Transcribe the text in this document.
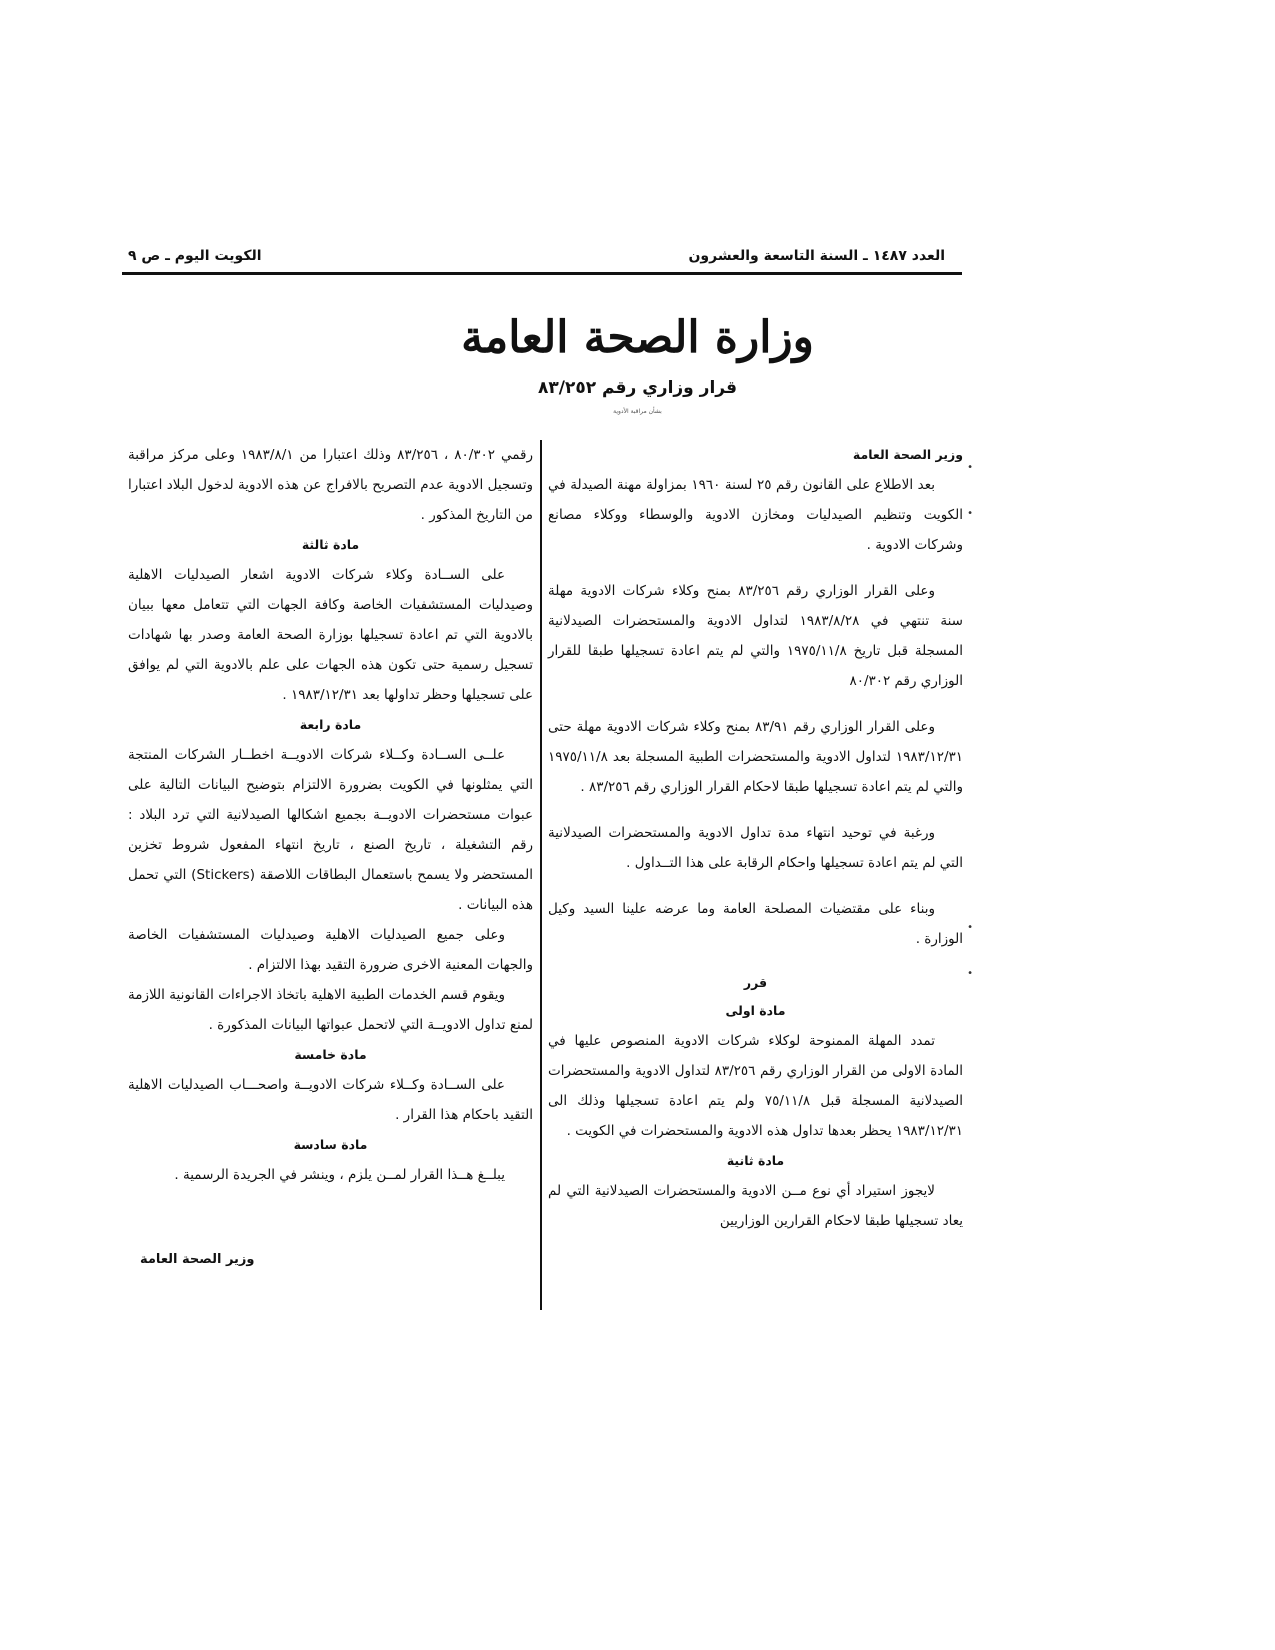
العدد ١٤٨٧ ـ السنة التاسعة والعشرون
الكويت اليوم ـ ص ٩
وزارة الصحة العامة
قرار وزاري رقم ٨٣/٢٥٢
بشأن مراقبة الأدوية
وزير الصحة العامة

بعد الاطلاع على القانون رقم ٢٥ لسنة ١٩٦٠ بمزاولة مهنة الصيدلة في الكويت وتنظيم الصيدليات ومخازن الادوية والوسطاء ووكلاء مصانع وشركات الادوية .

وعلى القرار الوزاري رقم ٨٣/٢٥٦ بمنح وكلاء شركات الادوية مهلة سنة تنتهي في ١٩٨٣/٨/٢٨ لتداول الادوية والمستحضرات الصيدلانية المسجلة قبل تاريخ ١٩٧٥/١١/٨ والتي لم يتم اعادة تسجيلها طبقا للقرار الوزاري رقم ٨٠/٣٠٢

وعلى القرار الوزاري رقم ٨٣/٩١ بمنح وكلاء شركات الادوية مهلة حتى ١٩٨٣/١٢/٣١ لتداول الادوية والمستحضرات الطبية المسجلة بعد ١٩٧٥/١١/٨ والتي لم يتم اعادة تسجيلها طبقا لاحكام القرار الوزاري رقم ٨٣/٢٥٦ .

ورغبة في توحيد انتهاء مدة تداول الادوية والمستحضرات الصيدلانية التي لم يتم اعادة تسجيلها واحكام الرقابة على هذا التــداول .

وبناء على مقتضيات المصلحة العامة وما عرضه علينا السيد وكيل الوزارة .

قرر
مادة اولى

تمدد المهلة الممنوحة لوكلاء شركات الادوية المنصوص عليها في المادة الاولى من القرار الوزاري رقم ٨٣/٢٥٦ لتداول الادوية والمستحضرات الصيدلانية المسجلة قبل ٧٥/١١/٨ ولم يتم اعادة تسجيلها وذلك الى ١٩٨٣/١٢/٣١ يحظر بعدها تداول هذه الادوية والمستحضرات في الكويت .

مادة ثانية

لايجوز استيراد أي نوع مــن الادوية والمستحضرات الصيدلانية التي لم يعاد تسجيلها طبقا لاحكام القرارين الوزاريين

رقمي ٨٠/٣٠٢ ، ٨٣/٢٥٦ وذلك اعتبارا من ١٩٨٣/٨/١ وعلى مركز مراقبة وتسجيل الادوية عدم التصريح بالافراج عن هذه الادوية لدخول البلاد اعتبارا من التاريخ المذكور .

مادة ثالثة

على الســادة وكلاء شركات الادوية اشعار الصيدليات الاهلية وصيدليات المستشفيات الخاصة وكافة الجهات التي تتعامل معها ببيان بالادوية التي تم اعادة تسجيلها بوزارة الصحة العامة وصدر بها شهادات تسجيل رسمية حتى تكون هذه الجهات على علم بالادوية التي لم يوافق على تسجيلها وحظر تداولها بعد ١٩٨٣/١٢/٣١ .

مادة رابعة

علــى الســادة وكــلاء شركات الادويــة اخطــار الشركات المنتجة التي يمثلونها في الكويت بضرورة الالتزام بتوضيح البيانات التالية على عبوات مستحضرات الادويــة بجميع اشكالها الصيدلانية التي ترد البلاد : رقم التشغيلة ، تاريخ الصنع ، تاريخ انتهاء المفعول شروط تخزين المستحضر ولا يسمح باستعمال البطاقات اللاصقة (Stickers) التي تحمل هذه البيانات .

وعلى جميع الصيدليات الاهلية وصيدليات المستشفيات الخاصة والجهات المعنية الاخرى ضرورة التقيد بهذا الالتزام .

ويقوم قسم الخدمات الطبية الاهلية باتخاذ الاجراءات القانونية اللازمة لمنع تداول الادويــة التي لاتحمل عبواتها البيانات المذكورة .

مادة خامسة

على الســادة وكــلاء شركات الادويــة واصحـــاب الصيدليات الاهلية التقيد باحكام هذا القرار .

مادة سادسة

يبلــغ هــذا القرار لمــن يلزم ، وينشر في الجريدة الرسمية .

وزير الصحة العامة
•
•
•
•
